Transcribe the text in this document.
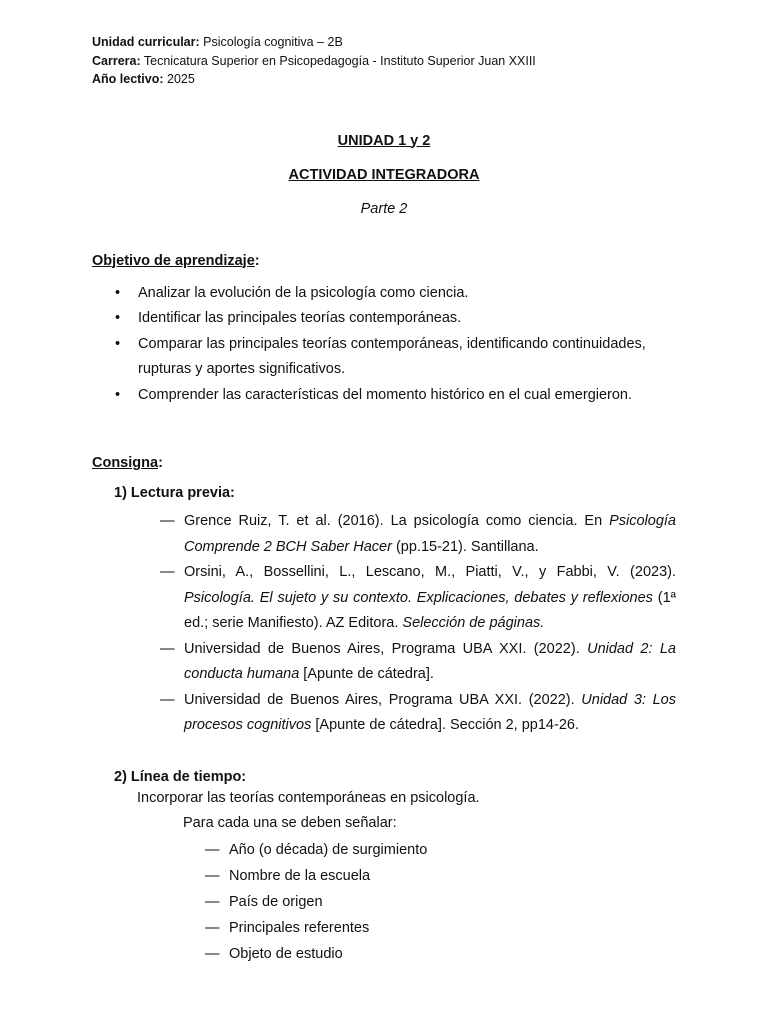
Unidad curricular: Psicología cognitiva – 2B
Carrera: Tecnicatura Superior en Psicopedagogía - Instituto Superior Juan XXIII
Año lectivo: 2025
UNIDAD 1 y 2
ACTIVIDAD INTEGRADORA
Parte 2
Objetivo de aprendizaje:
• Analizar la evolución de la psicología como ciencia.
• Identificar las principales teorías contemporáneas.
• Comparar las principales teorías contemporáneas, identificando continuidades, rupturas y aportes significativos.
• Comprender las características del momento histórico en el cual emergieron.
Consigna:
1) Lectura previa:
— Grence Ruiz, T. et al. (2016). La psicología como ciencia. En Psicología Comprende 2 BCH Saber Hacer (pp.15-21). Santillana.
— Orsini, A., Bossellini, L., Lescano, M., Piatti, V., y Fabbi, V. (2023). Psicología. El sujeto y su contexto. Explicaciones, debates y reflexiones (1ª ed.; serie Manifiesto). AZ Editora. Selección de páginas.
— Universidad de Buenos Aires, Programa UBA XXI. (2022). Unidad 2: La conducta humana [Apunte de cátedra].
— Universidad de Buenos Aires, Programa UBA XXI. (2022). Unidad 3: Los procesos cognitivos [Apunte de cátedra]. Sección 2, pp14-26.
2) Línea de tiempo:
Incorporar las teorías contemporáneas en psicología.
Para cada una se deben señalar:
— Año (o década) de surgimiento
— Nombre de la escuela
— País de origen
— Principales referentes
— Objeto de estudio
